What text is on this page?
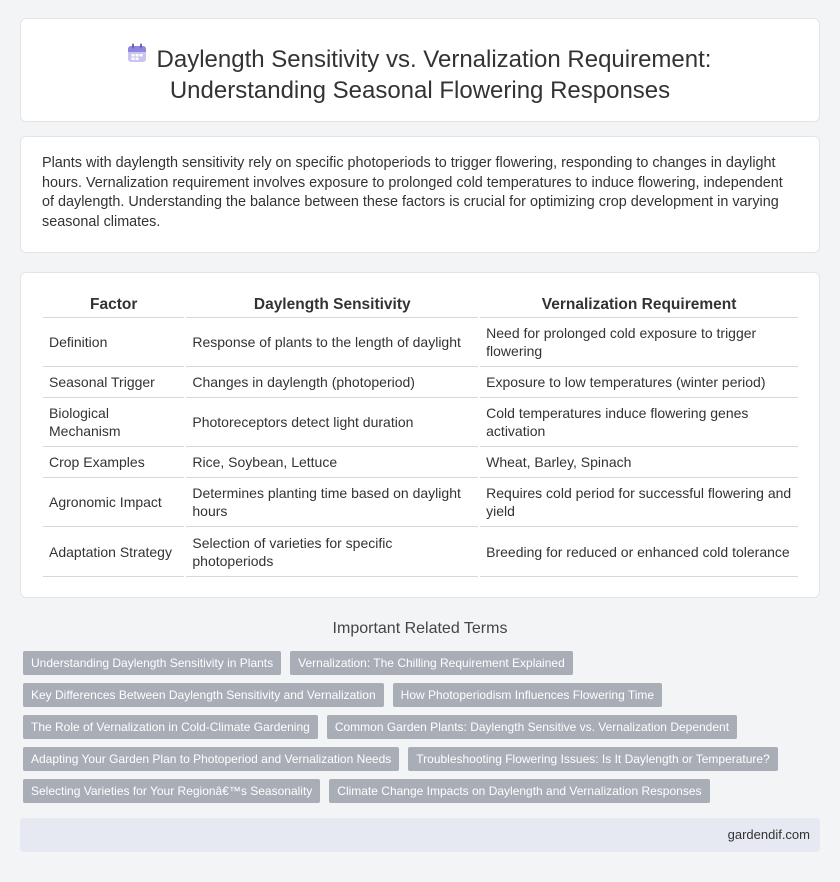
Daylength Sensitivity vs. Vernalization Requirement:
Understanding Seasonal Flowering Responses

Plants with daylength sensitivity rely on specific photoperiods to trigger flowering, responding to changes in daylight hours. Vernalization requirement involves exposure to prolonged cold temperatures to induce flowering, independent of daylength. Understanding the balance between these factors is crucial for optimizing crop development in varying seasonal climates.

Factor	Daylength Sensitivity	Vernalization Requirement
Definition	Response of plants to the length of daylight	Need for prolonged cold exposure to trigger flowering
Seasonal Trigger	Changes in daylength (photoperiod)	Exposure to low temperatures (winter period)
Biological Mechanism	Photoreceptors detect light duration	Cold temperatures induce flowering genes activation
Crop Examples	Rice, Soybean, Lettuce	Wheat, Barley, Spinach
Agronomic Impact	Determines planting time based on daylight hours	Requires cold period for successful flowering and yield
Adaptation Strategy	Selection of varieties for specific photoperiods	Breeding for reduced or enhanced cold tolerance
Important Related Terms
Understanding Daylength Sensitivity in Plants	Vernalization: The Chilling Requirement Explained
Key Differences Between Daylength Sensitivity and Vernalization	How Photoperiodism Influences Flowering Time
The Role of Vernalization in Cold-Climate Gardening	Common Garden Plants: Daylength Sensitive vs. Vernalization Dependent
Adapting Your Garden Plan to Photoperiod and Vernalization Needs	Troubleshooting Flowering Issues: Is It Daylength or Temperature?
Selecting Varieties for Your Regionâ€™s Seasonality	Climate Change Impacts on Daylength and Vernalization Responses
gardendif.com
